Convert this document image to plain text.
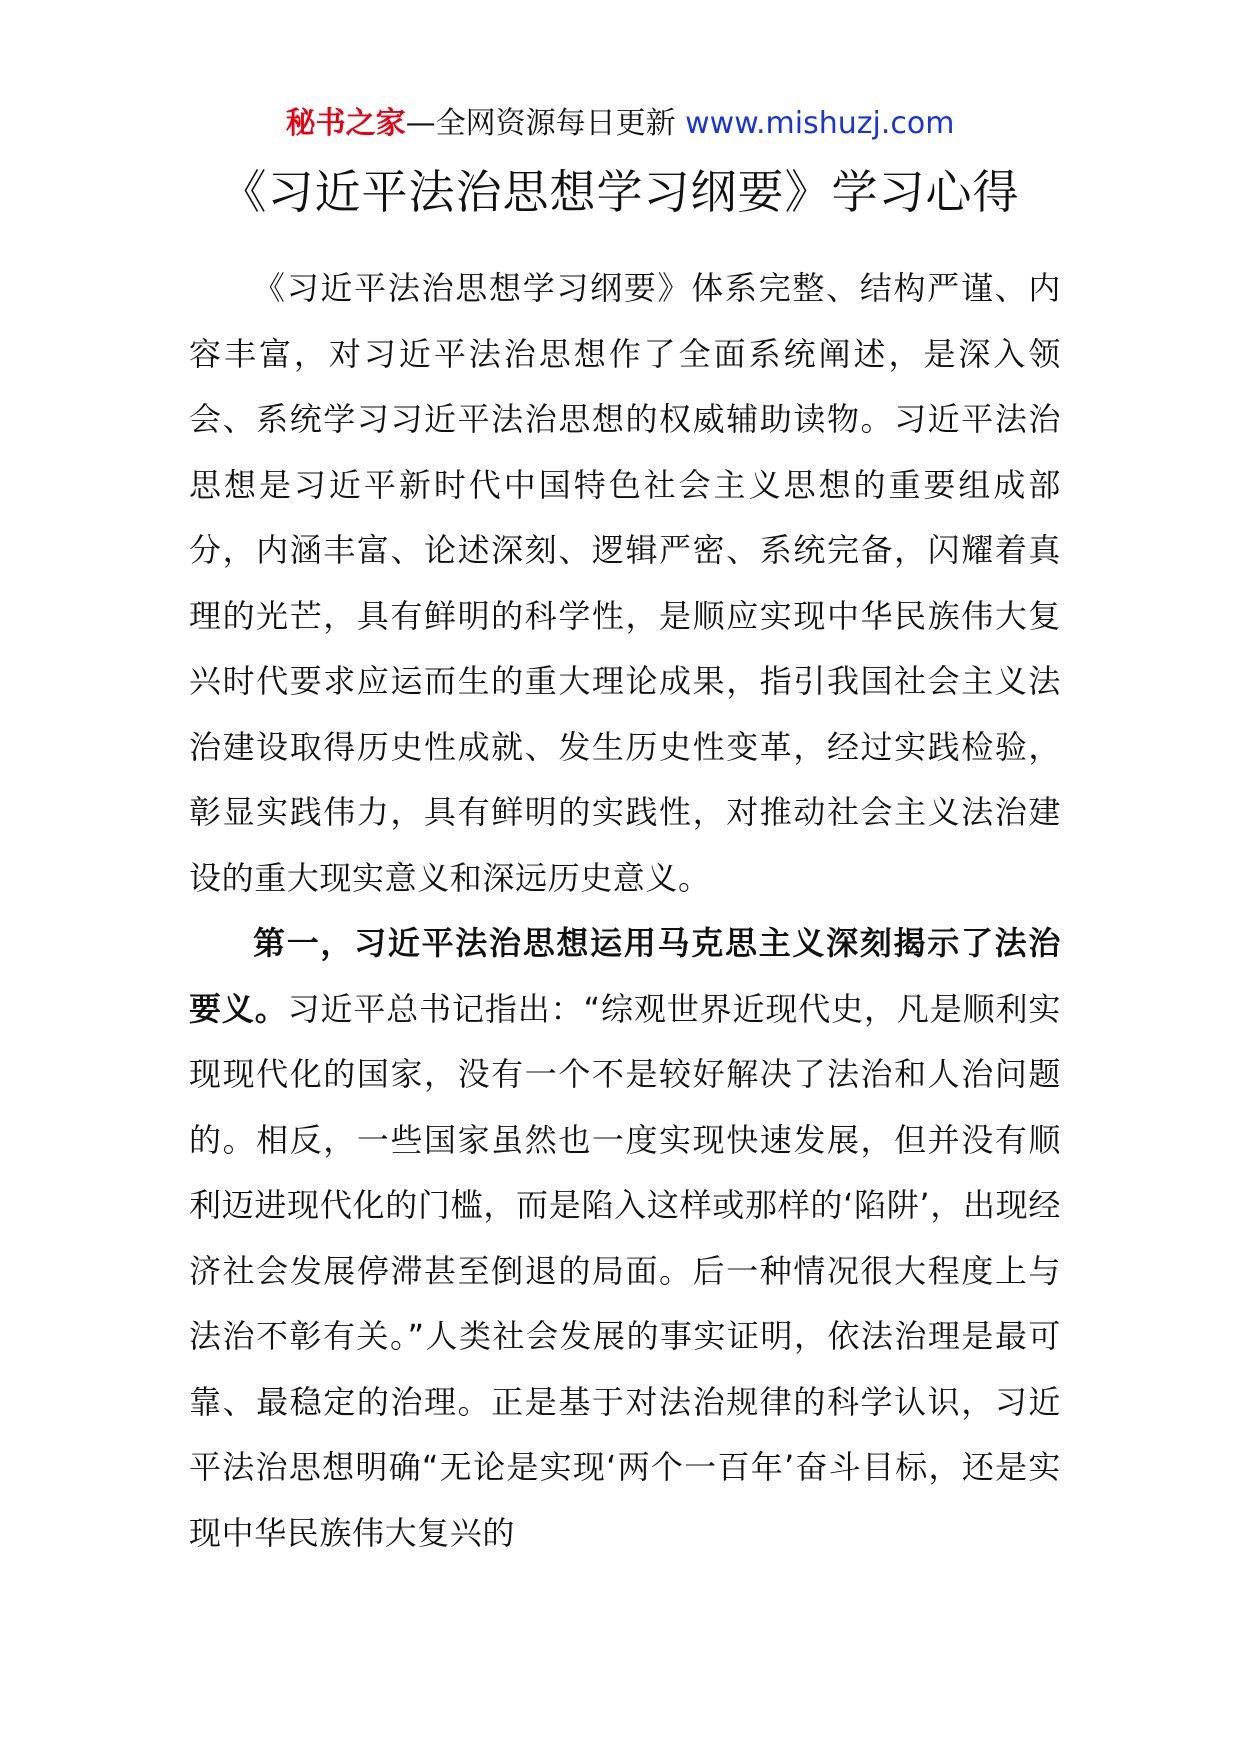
秘书之家—全网资源每日更新 www.mishuzj.com
《习近平法治思想学习纲要》学习心得

《习近平法治思想学习纲要》体系完整、结构严谨、内容丰富，对习近平法治思想作了全面系统阐述，是深入领会、系统学习习近平法治思想的权威辅助读物。习近平法治思想是习近平新时代中国特色社会主义思想的重要组成部分，内涵丰富、论述深刻、逻辑严密、系统完备，闪耀着真理的光芒，具有鲜明的科学性，是顺应实现中华民族伟大复兴时代要求应运而生的重大理论成果，指引我国社会主义法治建设取得历史性成就、发生历史性变革，经过实践检验，彰显实践伟力，具有鲜明的实践性，对推动社会主义法治建设的重大现实意义和深远历史意义。

第一，习近平法治思想运用马克思主义深刻揭示了法治要义。习近平总书记指出：“综观世界近现代史，凡是顺利实现现代化的国家，没有一个不是较好解决了法治和人治问题的。相反，一些国家虽然也一度实现快速发展，但并没有顺利迈进现代化的门槛，而是陷入这样或那样的‘陷阱’，出现经济社会发展停滞甚至倒退的局面。后一种情况很大程度上与法治不彰有关。”人类社会发展的事实证明，依法治理是最可靠、最稳定的治理。正是基于对法治规律的科学认识，习近平法治思想明确“无论是实现‘两个一百年’奋斗目标，还是实现中华民族伟大复兴的
